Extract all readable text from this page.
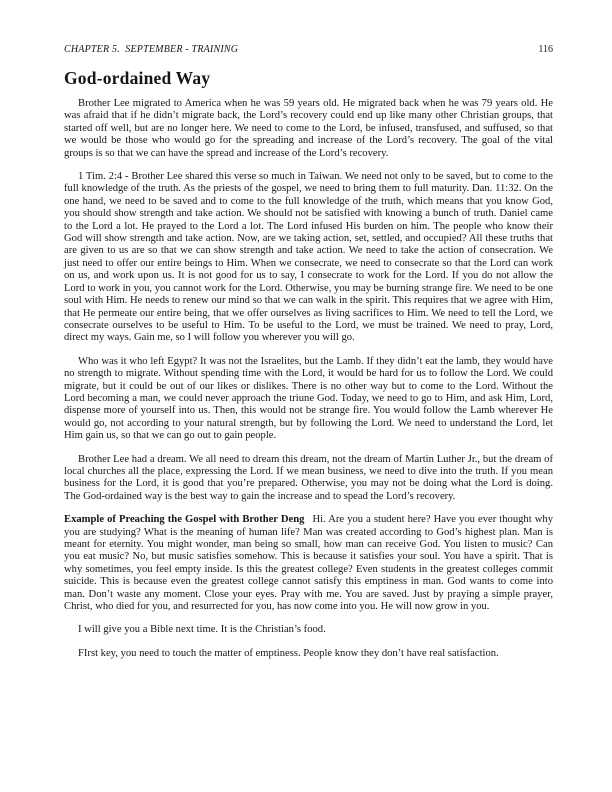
CHAPTER 5.  SEPTEMBER - TRAINING	116
God-ordained Way

Brother Lee migrated to America when he was 59 years old. He migrated back when he was 79 years old. He was afraid that if he didn’t migrate back, the Lord’s recovery could end up like many other Christian groups, that started off well, but are no longer here. We need to come to the Lord, be infused, transfused, and suffused, so that we would be those who would go for the spreading and increase of the Lord’s recovery. The goal of the vital groups is so that we can have the spread and increase of the Lord’s recovery.

1 Tim. 2:4 - Brother Lee shared this verse so much in Taiwan. We need not only to be saved, but to come to the full knowledge of the truth. As the priests of the gospel, we need to bring them to full maturity. Dan. 11:32. On the one hand, we need to be saved and to come to the full knowledge of the truth, which means that you know God, you should show strength and take action. We should not be satisfied with knowing a bunch of truth. Daniel came to the Lord a lot. He prayed to the Lord a lot. The Lord infused His burden on him. The people who know their God will show strength and take action. Now, are we taking action, set, settled, and occupied? All these truths that are given to us are so that we can show strength and take action. We need to take the action of consecration. We just need to offer our entire beings to Him. When we consecrate, we need to consecrate so that the Lord can work on us, and work upon us. It is not good for us to say, I consecrate to work for the Lord. If you do not allow the Lord to work in you, you cannot work for the Lord. Otherwise, you may be burning strange fire. We need to be one soul with Him. He needs to renew our mind so that we can walk in the spirit. This requires that we agree with Him, that He permeate our entire being, that we offer ourselves as living sacrifices to Him. We need to tell the Lord, we consecrate ourselves to be useful to Him. To be useful to the Lord, we must be trained. We need to pray, Lord, direct my ways. Gain me, so I will follow you wherever you will go.

Who was it who left Egypt? It was not the Israelites, but the Lamb. If they didn’t eat the lamb, they would have no strength to migrate. Without spending time with the Lord, it would be hard for us to follow the Lord. We could migrate, but it could be out of our likes or dislikes. There is no other way but to come to the Lord. Without the Lord becoming a man, we could never approach the triune God. Today, we need to go to Him, and ask Him, Lord, dispense more of yourself into us. Then, this would not be strange fire. You would follow the Lamb wherever He would go, not according to your natural strength, but by following the Lord. We need to understand the Lord, let Him gain us, so that we can go out to gain people.

Brother Lee had a dream. We all need to dream this dream, not the dream of Martin Luther Jr., but the dream of local churches all the place, expressing the Lord. If we mean business, we need to dive into the truth. If you mean business for the Lord, it is good that you’re prepared. Otherwise, you may not be doing what the Lord is doing. The God-ordained way is the best way to gain the increase and to spead the Lord’s recovery.

Example of Preaching the Gospel with Brother Deng Hi. Are you a student here? Have you ever thought why you are studying? What is the meaning of human life? Man was created according to God’s highest plan. Man is meant for eternity. You might wonder, man being so small, how man can receive God. You listen to music? Can you eat music? No, but music satisfies somehow. This is because it satisfies your soul. You have a spirit. That is why sometimes, you feel empty inside. Is this the greatest college? Even students in the greatest colleges commit suicide. This is because even the greatest college cannot satisfy this emptiness in man. God wants to come into man. Don’t waste any moment. Close your eyes. Pray with me. You are saved. Just by praying a simple prayer, Christ, who died for you, and resurrected for you, has now come into you. He will now grow in you.

I will give you a Bible next time. It is the Christian’s food.

FIrst key, you need to touch the matter of emptiness. People know they don’t have real satisfaction.
